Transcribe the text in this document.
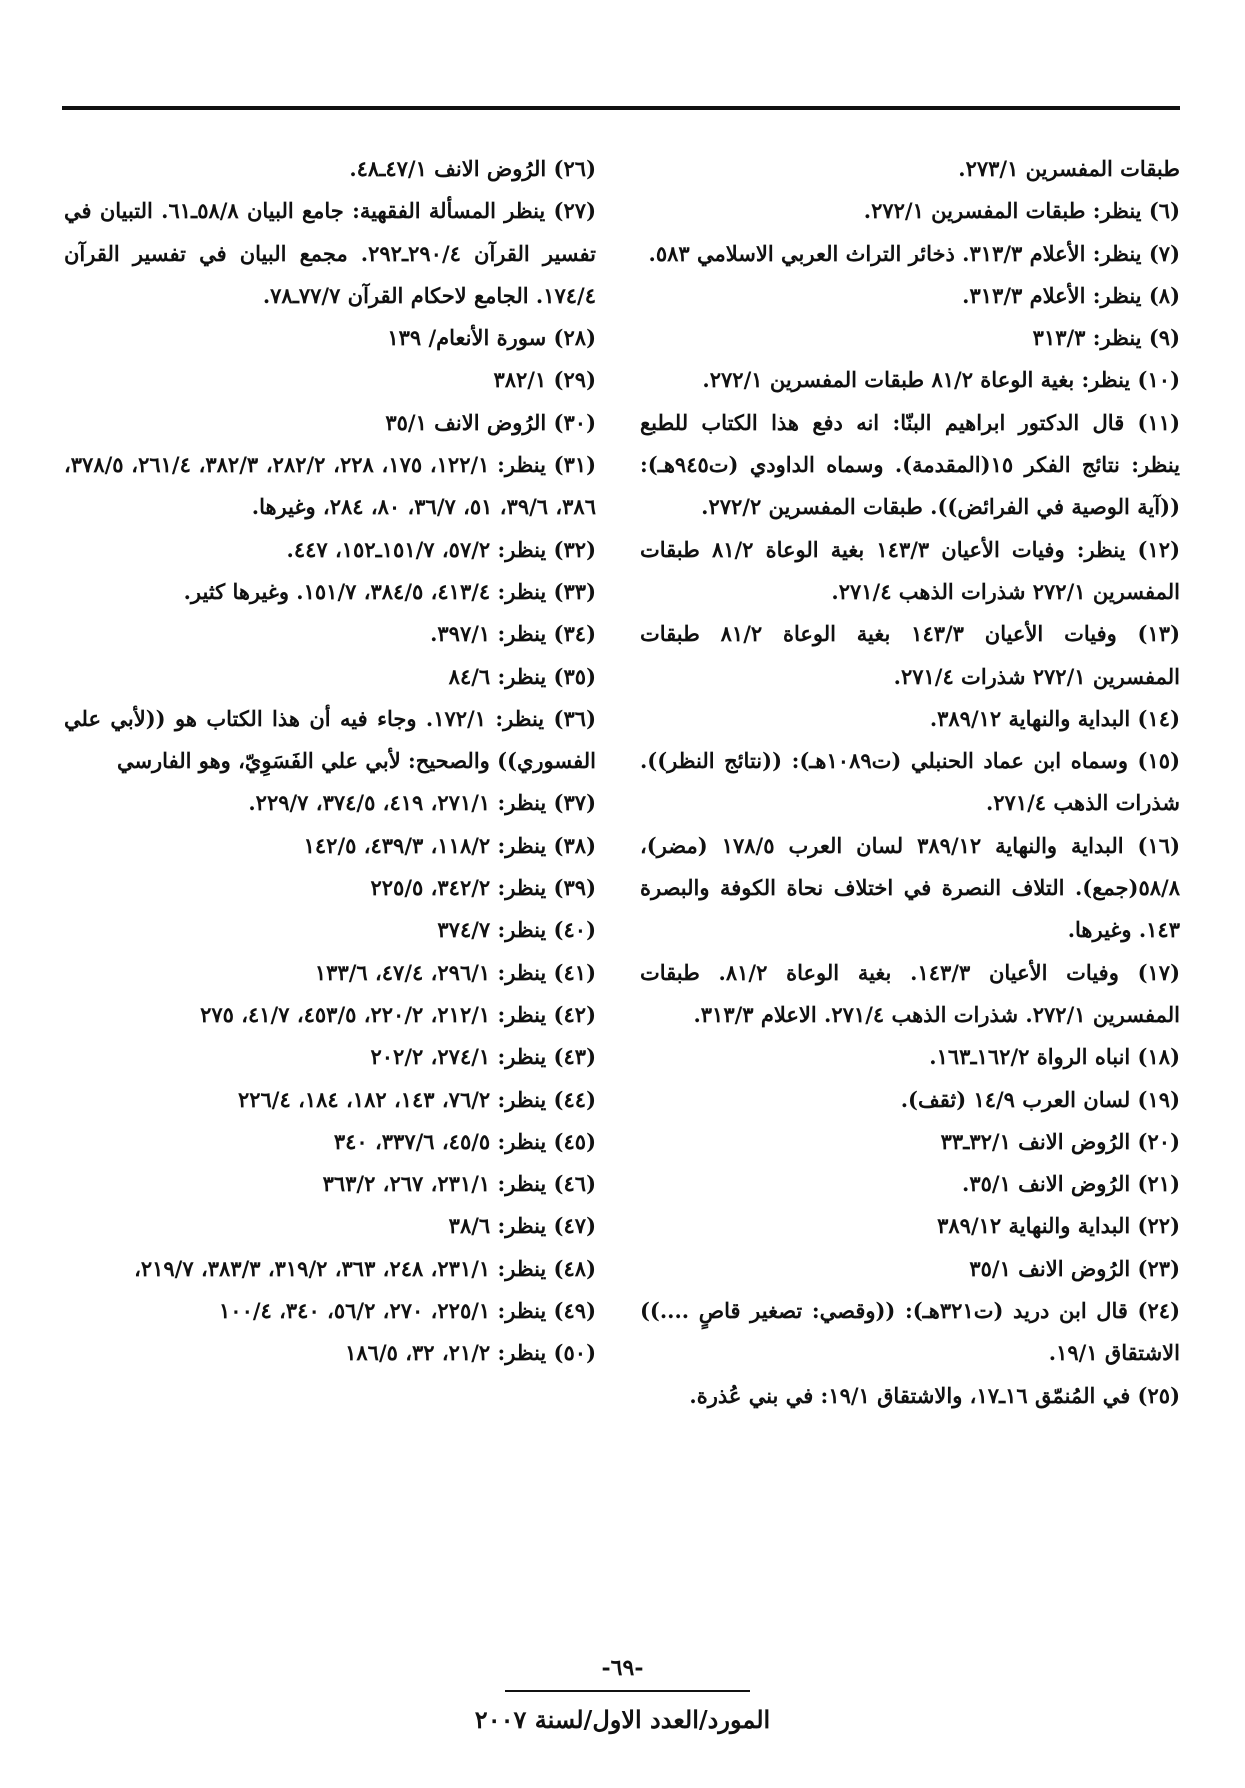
طبقات المفسرين ٢٧٣/١.

(٦) ينظر: طبقات المفسرين ٢٧٢/١.

(٧) ينظر: الأعلام ٣١٣/٣. ذخائر التراث العربي الاسلامي ٥٨٣.

(٨) ينظر: الأعلام ٣١٣/٣.

(٩) ينظر: ٣١٣/٣

(١٠) ينظر: بغية الوعاة ٨١/٢ طبقات المفسرين ٢٧٢/١.

(١١) قال الدكتور ابراهيم البنّا: انه دفع هذا الكتاب للطبع ينظر: نتائج الفكر ١٥(المقدمة). وسماه الداودي (ت٩٤٥هـ): ((آية الوصية في الفرائض)). طبقات المفسرين ٢٧٢/٢.

(١٢) ينظر: وفيات الأعيان ١٤٣/٣ بغية الوعاة ٨١/٢ طبقات المفسرين ٢٧٢/١ شذرات الذهب ٢٧١/٤.

(١٣) وفيات الأعيان ١٤٣/٣ بغية الوعاة ٨١/٢ طبقات المفسرين ٢٧٢/١ شذرات ٢٧١/٤.

(١٤) البداية والنهاية ٣٨٩/١٢.

(١٥) وسماه ابن عماد الحنبلي (ت١٠٨٩هـ): ((نتائج النظر)). شذرات الذهب ٢٧١/٤.

(١٦) البداية والنهاية ٣٨٩/١٢ لسان العرب ١٧٨/٥ (مضر)، ٥٨/٨(جمع). التلاف النصرة في اختلاف نحاة الكوفة والبصرة ١٤٣. وغيرها.

(١٧) وفيات الأعيان ١٤٣/٣. بغية الوعاة ٨١/٢. طبقات المفسرين ٢٧٢/١. شذرات الذهب ٢٧١/٤. الاعلام ٣١٣/٣.

(١٨) انباه الرواة ١٦٢/٢ـ١٦٣.

(١٩) لسان العرب ١٤/٩ (ثقف).

(٢٠) الرُوض الانف ٣٢/١ـ٣٣

(٢١) الرُوض الانف ٣٥/١.

(٢٢) البداية والنهاية ٣٨٩/١٢

(٢٣) الرُوض الانف ٣٥/١

(٢٤) قال ابن دريد (ت٣٢١هـ): ((وقصي: تصغير قاصٍ ....)) الاشتقاق ١٩/١.

(٢٥) في المُنمّق ١٦ـ١٧، والاشتقاق ١٩/١: في بني عُذرة.

(٢٦) الرُوض الانف ٤٧/١ـ٤٨.

(٢٧) ينظر المسألة الفقهية: جامع البيان ٥٨/٨ـ٦١. التبيان في تفسير القرآن ٢٩٠/٤ـ٢٩٢. مجمع البيان في تفسير القرآن ١٧٤/٤. الجامع لاحكام القرآن ٧٧/٧ـ٧٨.

(٢٨) سورة الأنعام/ ١٣٩

(٢٩) ٣٨٢/١

(٣٠) الرُوض الانف ٣٥/١

(٣١) ينظر: ١٢٢/١، ١٧٥، ٢٢٨، ٢٨٢/٢، ٣٨٢/٣، ٢٦١/٤، ٣٧٨/٥، ٣٨٦، ٣٩/٦، ٥١، ٣٦/٧، ٨٠، ٢٨٤، وغيرها.

(٣٢) ينظر: ٥٧/٢، ١٥١/٧ـ١٥٢، ٤٤٧.

(٣٣) ينظر: ٤١٣/٤، ٣٨٤/٥، ١٥١/٧. وغيرها كثير.

(٣٤) ينظر: ٣٩٧/١.

(٣٥) ينظر: ٨٤/٦

(٣٦) ينظر: ١٧٢/١. وجاء فيه أن هذا الكتاب هو ((لأبي علي الفسوري)) والصحيح: لأبي علي الفَسَوِيّ، وهو الفارسي

(٣٧) ينظر: ٢٧١/١، ٤١٩، ٣٧٤/٥، ٢٢٩/٧.

(٣٨) ينظر: ١١٨/٢، ٤٣٩/٣، ١٤٢/٥

(٣٩) ينظر: ٣٤٢/٢، ٢٢٥/٥

(٤٠) ينظر: ٣٧٤/٧

(٤١) ينظر: ٢٩٦/١، ٤٧/٤، ١٣٣/٦

(٤٢) ينظر: ٢١٢/١، ٢٢٠/٢، ٤٥٣/٥، ٤١/٧، ٢٧٥

(٤٣) ينظر: ٢٧٤/١، ٢٠٢/٢

(٤٤) ينظر: ٧٦/٢، ١٤٣، ١٨٢، ١٨٤، ٢٢٦/٤

(٤٥) ينظر: ٤٥/٥، ٣٣٧/٦، ٣٤٠

(٤٦) ينظر: ٢٣١/١، ٢٦٧، ٣٦٣/٢

(٤٧) ينظر: ٣٨/٦

(٤٨) ينظر: ٢٣١/١، ٢٤٨، ٣٦٣، ٣١٩/٢، ٣٨٣/٣، ٢١٩/٧،

(٤٩) ينظر: ٢٢٥/١، ٢٧٠، ٥٦/٢، ٣٤٠، ١٠٠/٤

(٥٠) ينظر: ٢١/٢، ٣٢، ١٨٦/٥

-٦٩-
المورد/العدد الاول/لسنة ٢٠٠٧
